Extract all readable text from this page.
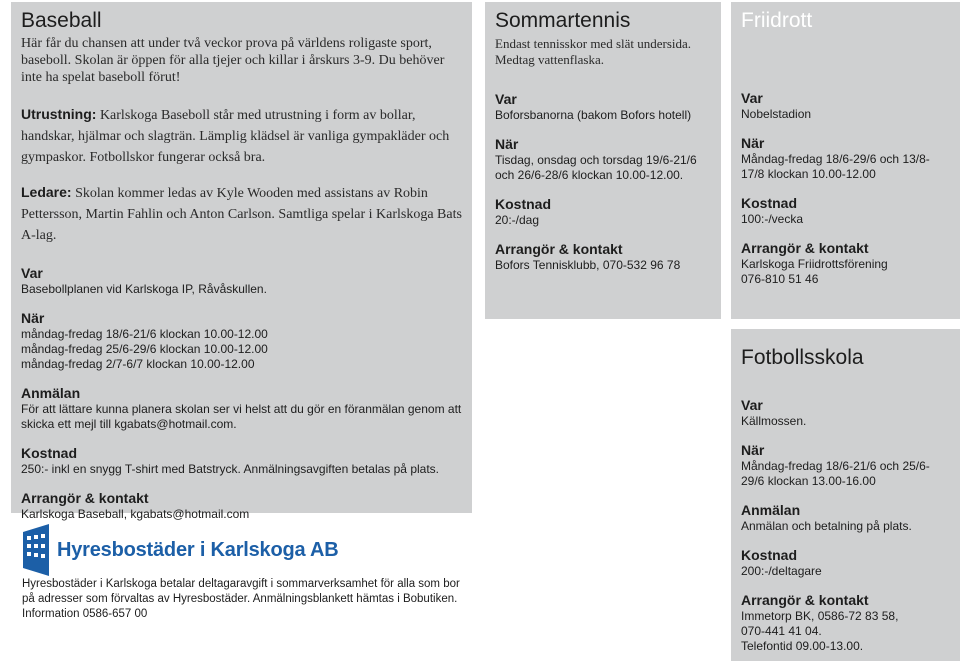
Baseball
Här får du chansen att under två veckor prova på världens roligaste sport, baseboll. Skolan är öppen för alla tjejer och killar i årskurs 3-9. Du behöver inte ha spelat baseboll förut!
Utrustning: Karlskoga Baseboll står med utrustning i form av bollar, handskar, hjälmar och slagträn. Lämplig klädsel är vanliga gympakläder och gympaskor. Fotbollskor fungerar också bra.
Ledare: Skolan kommer ledas av Kyle Wooden med assistans av Robin Pettersson, Martin Fahlin och Anton Carlson. Samtliga spelar i Karlskoga Bats A-lag.
Var
Basebollplanen vid Karlskoga IP, Råvåskullen.
När
måndag-fredag 18/6-21/6 klockan 10.00-12.00
måndag-fredag 25/6-29/6 klockan 10.00-12.00
måndag-fredag 2/7-6/7 klockan 10.00-12.00
Anmälan
För att lättare kunna planera skolan ser vi helst att du gör en föranmälan genom att skicka ett mejl till kgabats@hotmail.com.
Kostnad
250:- inkl en snygg T-shirt med Batstryck. Anmälningsavgiften betalas på plats.
Arrangör & kontakt
Karlskoga Baseball, kgabats@hotmail.com
Sommartennis
Endast tennisskor med slät undersida. Medtag vattenflaska.
Var
Boforsbanorna (bakom Bofors hotell)
När
Tisdag, onsdag och torsdag 19/6-21/6 och 26/6-28/6 klockan 10.00-12.00.
Kostnad
20:-/dag
Arrangör & kontakt
Bofors Tennisklubb, 070-532 96 78
Friidrott
Var
Nobelstadion
När
Måndag-fredag 18/6-29/6 och 13/8-17/8 klockan 10.00-12.00
Kostnad
100:-/vecka
Arrangör & kontakt
Karlskoga Friidrottsförening
076-810 51 46
Fotbollsskola
Var
Källmossen.
När
Måndag-fredag 18/6-21/6 och 25/6-29/6 klockan 13.00-16.00
Anmälan
Anmälan och betalning på plats.
Kostnad
200:-/deltagare
Arrangör & kontakt
Immetorp BK, 0586-72 83 58,
070-441 41 04.
Telefontid 09.00-13.00.
Hyresbostäder i Karlskoga AB
Hyresbostäder i Karlskoga betalar deltagaravgift i sommarverksamhet för alla som bor på adresser som förvaltas av Hyresbostäder. Anmälningsblankett hämtas i Bobutiken.
Information 0586-657 00
